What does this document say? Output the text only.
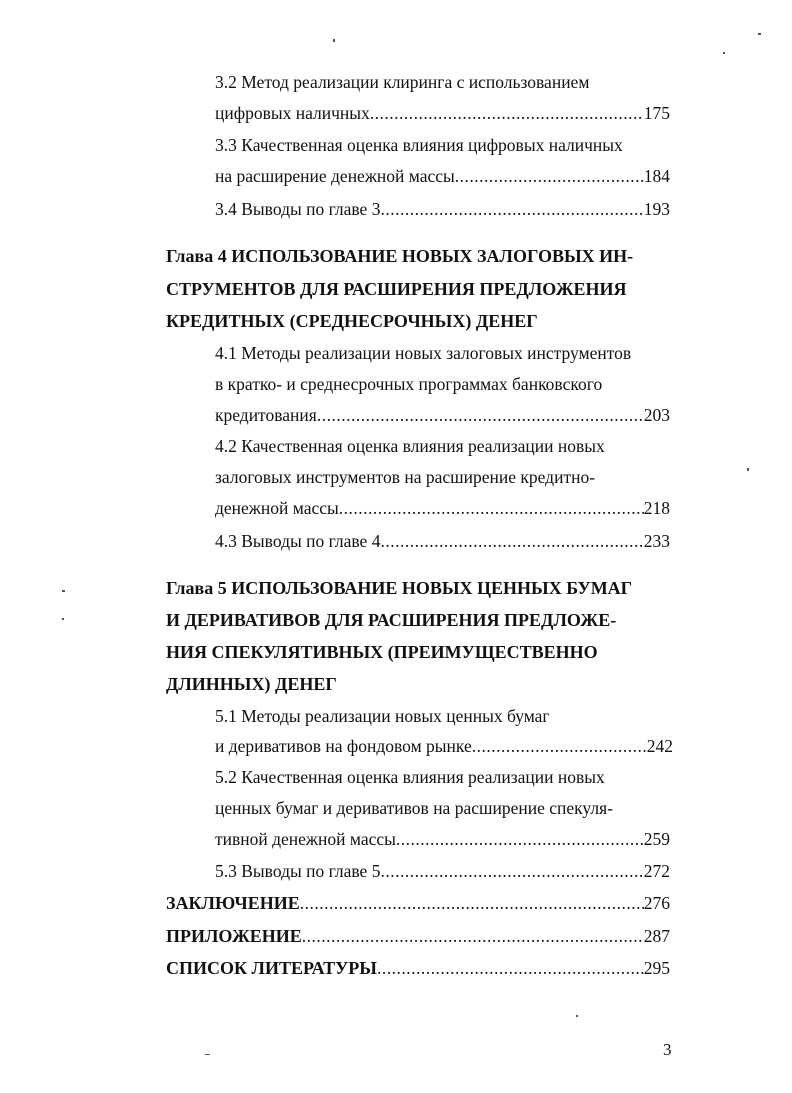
3.2 Метод реализации клиринга с использованием
цифровых наличных .....	175
3.3 Качественная оценка влияния цифровых наличных
на расширение денежной массы .....	184
3.4 Выводы по главе 3 .....	193
Глава 4 ИСПОЛЬЗОВАНИЕ НОВЫХ ЗАЛОГОВЫХ ИН-
СТРУМЕНТОВ ДЛЯ РАСШИРЕНИЯ ПРЕДЛОЖЕНИЯ
КРЕДИТНЫХ (СРЕДНЕСРОЧНЫХ) ДЕНЕГ
4.1 Методы реализации новых залоговых инструментов
в кратко- и среднесрочных программах банковского
кредитования .....	203
4.2 Качественная оценка влияния реализации новых
залоговых инструментов на расширение кредитно-
денежной массы .....	218
4.3 Выводы по главе 4 .....	233
Глава 5 ИСПОЛЬЗОВАНИЕ НОВЫХ ЦЕННЫХ БУМАГ
И ДЕРИВАТИВОВ ДЛЯ РАСШИРЕНИЯ ПРЕДЛОЖЕ-
НИЯ СПЕКУЛЯТИВНЫХ (ПРЕИМУЩЕСТВЕННО
ДЛИННЫХ) ДЕНЕГ
5.1 Методы реализации новых ценных бумаг
и деривативов на фондовом рынке .....	242
5.2 Качественная оценка влияния реализации новых
ценных бумаг и деривативов на расширение спекуля-
тивной денежной массы .....	259
5.3 Выводы по главе 5 .....	272
ЗАКЛЮЧЕНИЕ .....	276
ПРИЛОЖЕНИЕ .....	287
СПИСОК ЛИТЕРАТУРЫ .....	295
3
